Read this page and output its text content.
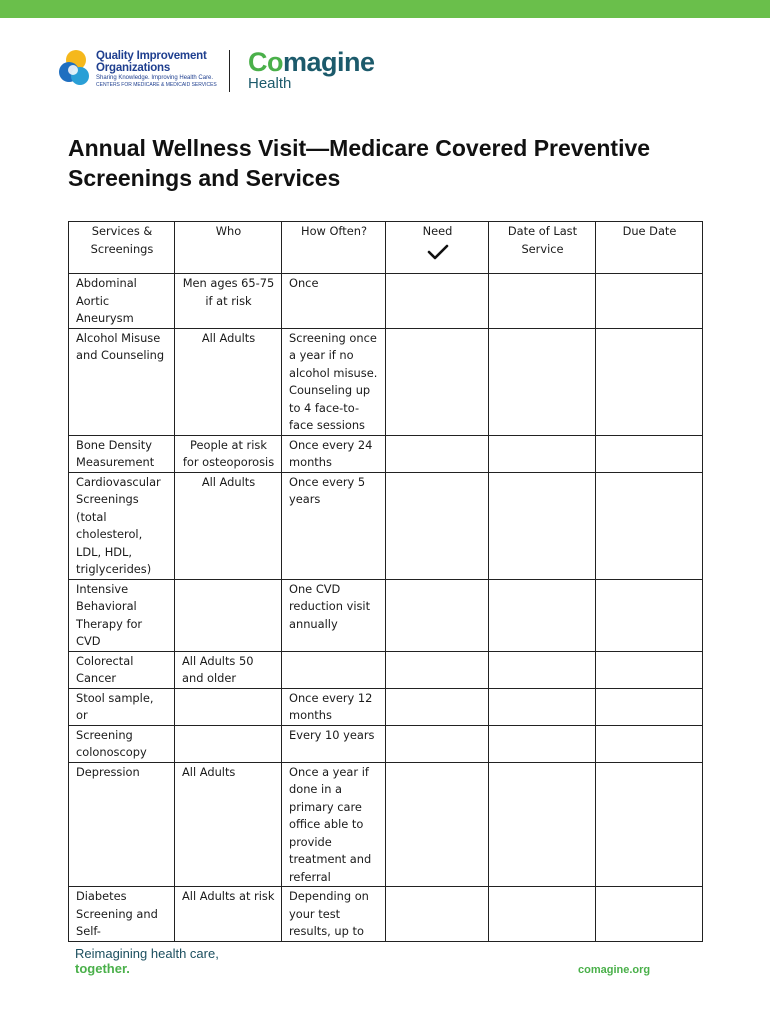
Quality Improvement
Organizations
Sharing Knowledge. Improving Health Care.
CENTERS FOR MEDICARE & MEDICAID SERVICES
Comagine
Health
Annual Wellness Visit—Medicare Covered Preventive Screenings and Services
Services & Screenings	Who	How Often?	Need	Date of Last Service	Due Date
Abdominal Aortic Aneurysm	Men ages 65-75 if at risk	Once			
Alcohol Misuse and Counseling	All Adults	Screening once a year if no alcohol misuse. Counseling up to 4 face-to-face sessions			
Bone Density Measurement	People at risk for osteoporosis	Once every 24 months			
Cardiovascular Screenings (total cholesterol, LDL, HDL, triglycerides)	All Adults	Once every 5 years			
Intensive Behavioral Therapy for CVD		One CVD reduction visit annually			
Colorectal Cancer	All Adults 50 and older				
Stool sample, or		Once every 12 months			
Screening colonoscopy		Every 10 years			
Depression	All Adults	Once a year if done in a primary care office able to provide treatment and referral			
Diabetes Screening and Self-	All Adults at risk	Depending on your test results, up to			
Reimagining health care,
together.	comagine.org
